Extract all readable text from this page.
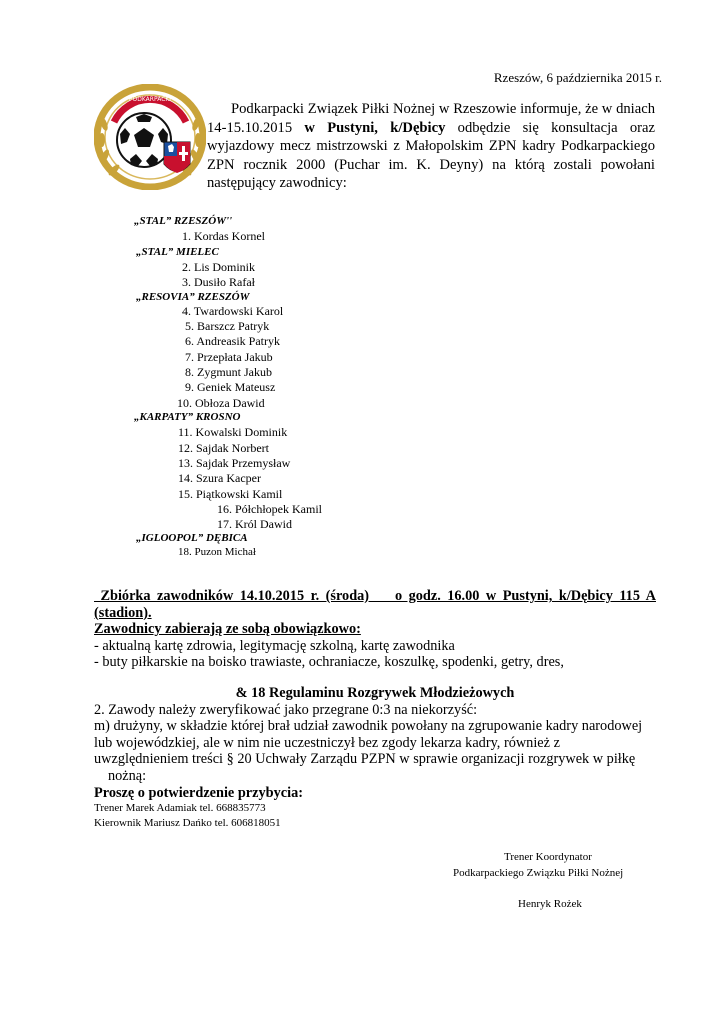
Rzeszów, 6 października 2015 r.
PODKARPACKI
Podkarpacki Związek Piłki Nożnej w Rzeszowie informuje, że w dniach 14-15.10.2015 w Pustyni, k/Dębicy odbędzie się konsultacja oraz wyjazdowy mecz mistrzowski z Małopolskim ZPN kadry Podkarpackiego ZPN rocznik 2000 (Puchar im. K. Deyny) na którą zostali powołani następujący zawodnicy:
„STAL” RZESZÓW''
„STAL” MIELEC
„RESOVIA” RZESZÓW
„KARPATY” KROSNO
„IGLOOPOL” DĘBICA
1. Kordas Kornel
2. Lis Dominik
3. Dusiło Rafał
4. Twardowski Karol
5. Barszcz Patryk
6. Andreasik Patryk
7. Przepłata Jakub
8. Zygmunt Jakub
9. Geniek Mateusz
10. Obłoza Dawid
11. Kowalski Dominik
12. Sajdak Norbert
13. Sajdak Przemysław
14. Szura Kacper
15. Piątkowski Kamil
16. Półchłopek Kamil
17. Król Dawid
18. Puzon Michał
Zbiórka zawodników 14.10.2015 r. (środa)    o godz. 16.00 w Pustyni, k/Dębicy 115 A
(stadion).
Zawodnicy zabierają ze sobą obowiązkowo:
- aktualną kartę zdrowia, legitymację szkolną, kartę zawodnika
- buty piłkarskie na boisko trawiaste, ochraniacze, koszulkę, spodenki, getry, dres,
& 18 Regulaminu Rozgrywek Młodzieżowych
2. Zawody należy zweryfikować jako przegrane 0:3 na niekorzyść:
m) drużyny, w składzie której brał udział zawodnik powołany na zgrupowanie kadry narodowej
lub wojewódzkiej, ale w nim nie uczestniczył bez zgody lekarza kadry, również z
uwzględnieniem treści § 20 Uchwały Zarządu PZPN w sprawie organizacji rozgrywek w piłkę
nożną:
Proszę o potwierdzenie przybycia:
Trener Marek Adamiak tel. 668835773
Kierownik Mariusz Dańko tel. 606818051
Trener Koordynator
Podkarpackiego Związku Piłki Nożnej
Henryk Rożek
